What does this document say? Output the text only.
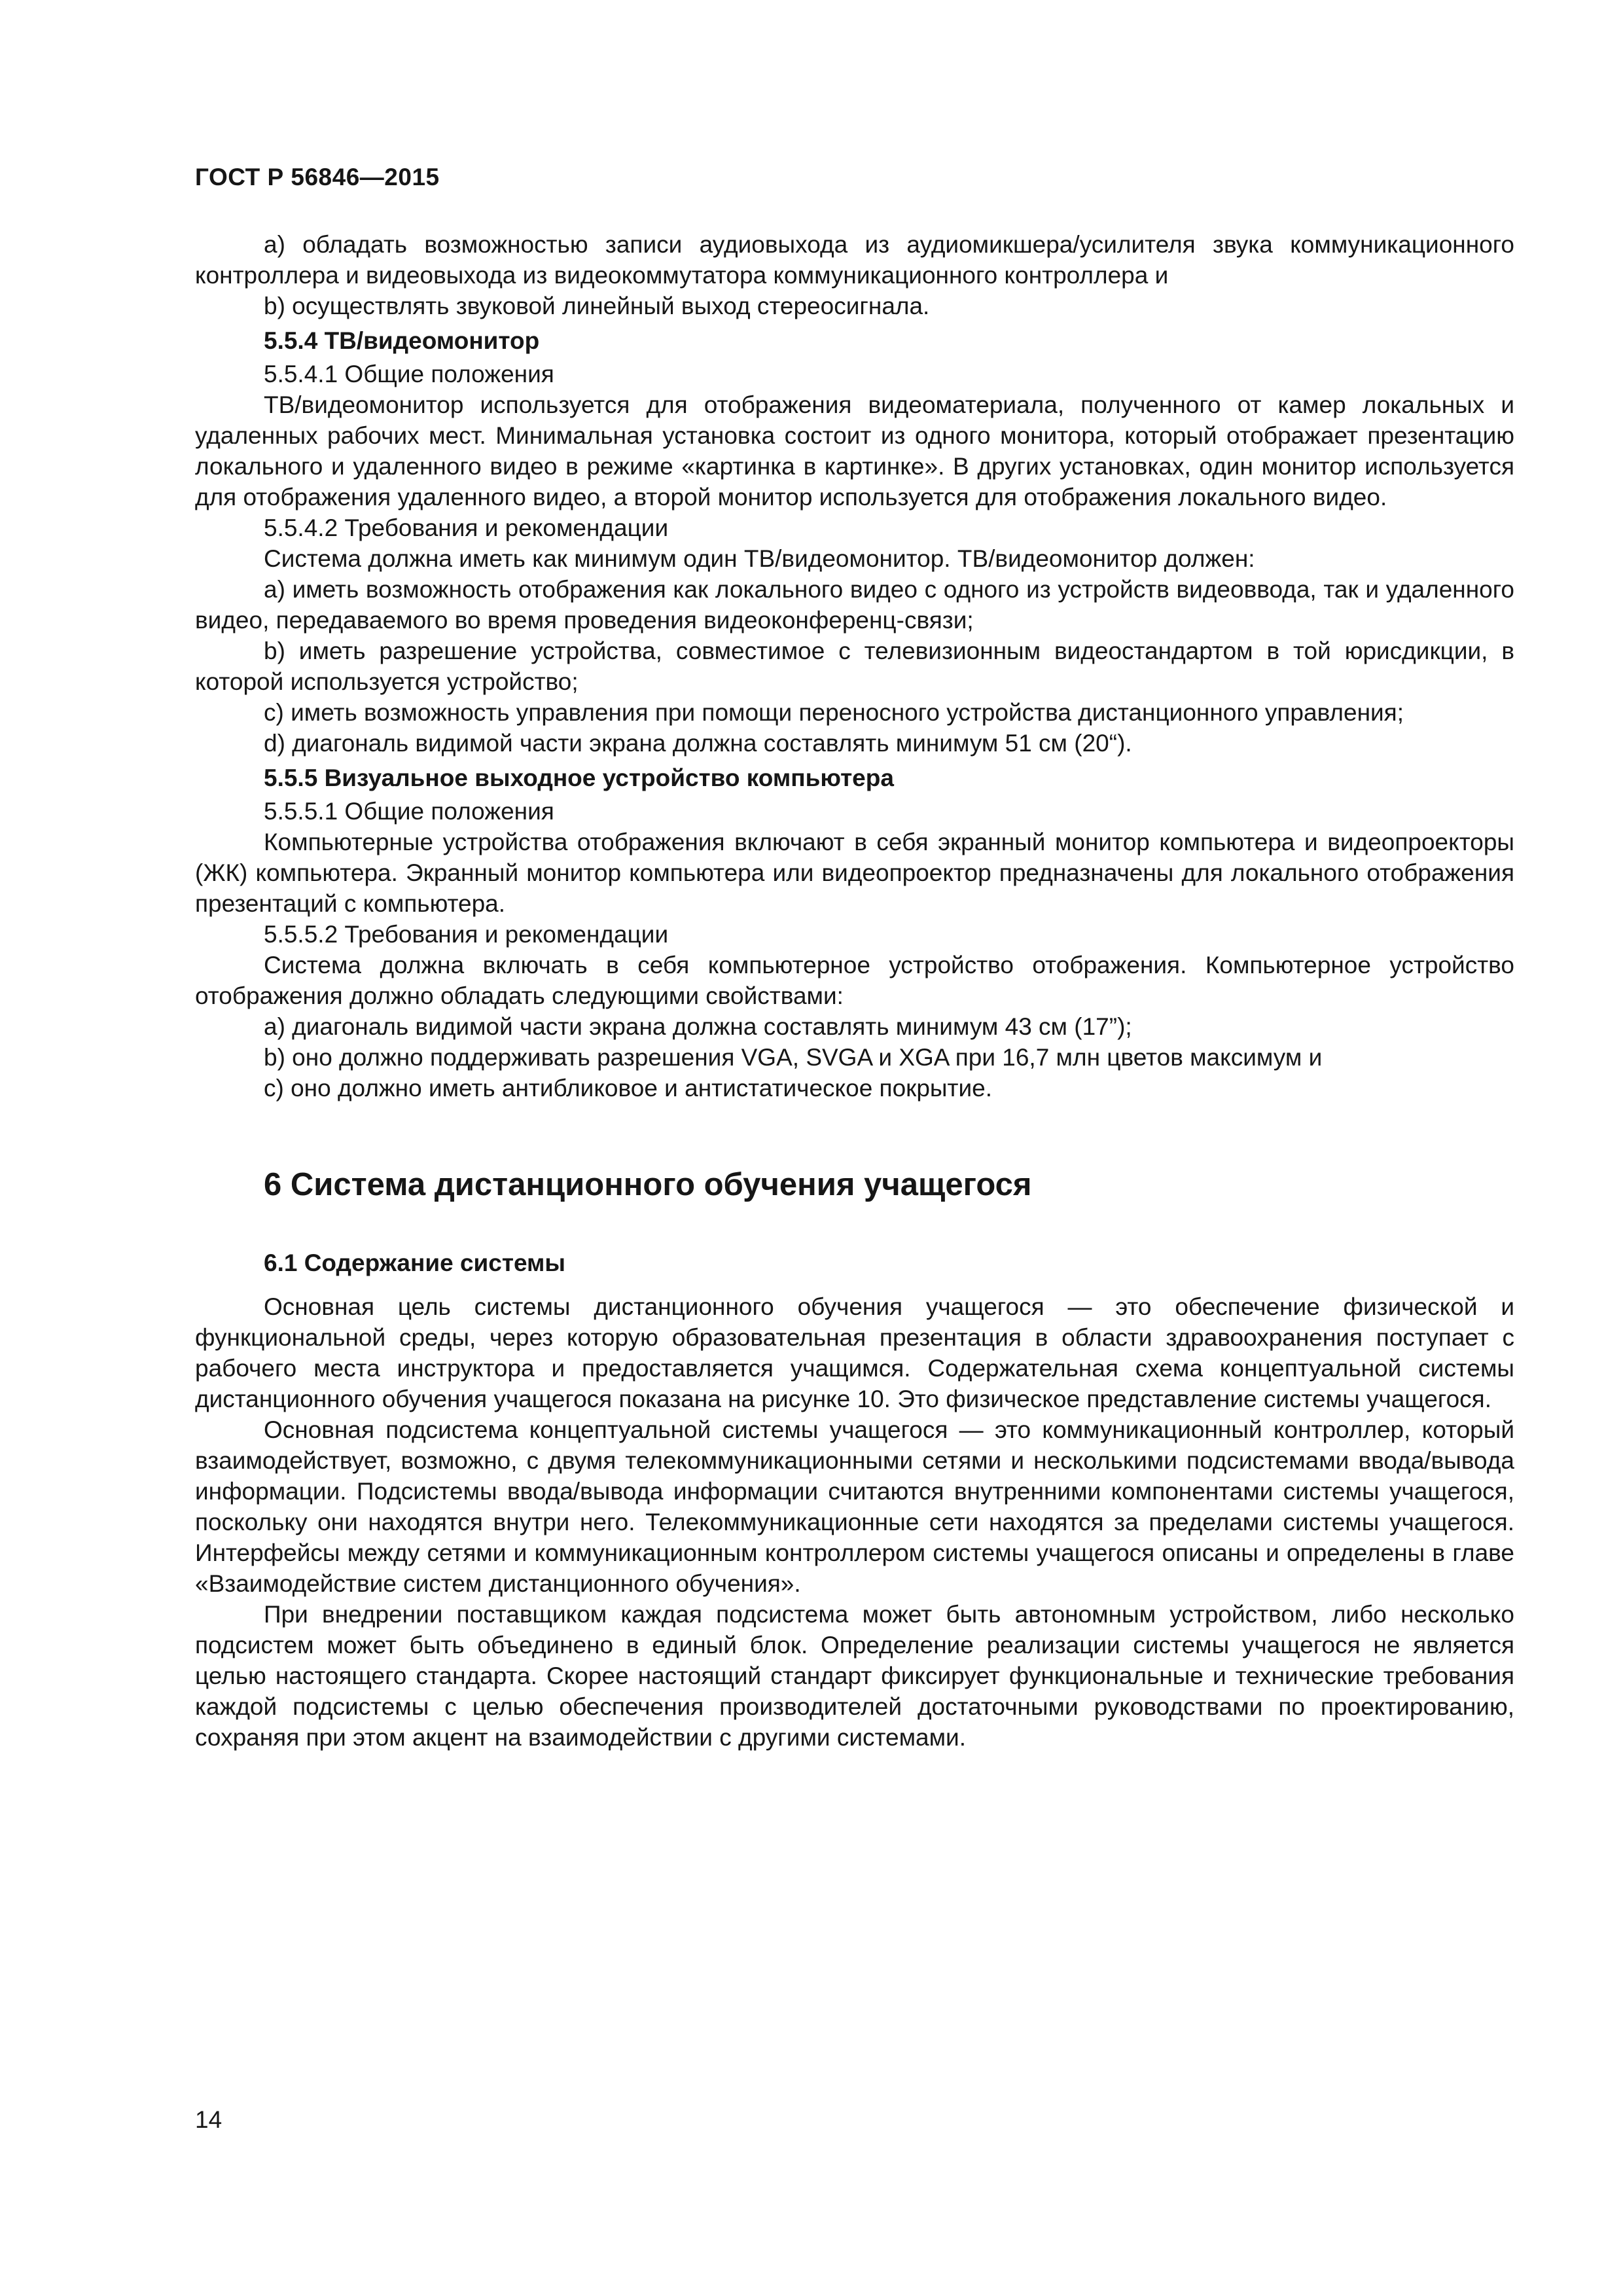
ГОСТ Р 56846—2015

а) обладать возможностью записи аудиовыхода из аудиомикшера/усилителя звука коммуникационного контроллера и видеовыхода из видеокоммутатора коммуникационного контроллера и

b) осуществлять звуковой линейный выход стереосигнала.

5.5.4 ТВ/видеомонитор
5.5.4.1 Общие положения

ТВ/видеомонитор используется для отображения видеоматериала, полученного от камер локальных и удаленных рабочих мест. Минимальная установка состоит из одного монитора, который отображает презентацию локального и удаленного видео в режиме «картинка в картинке». В других установках, один монитор используется для отображения удаленного видео, а второй монитор используется для отображения локального видео.

5.5.4.2 Требования и рекомендации

Система должна иметь как минимум один ТВ/видеомонитор. ТВ/видеомонитор должен:

а) иметь возможность отображения как локального видео с одного из устройств видеоввода, так и удаленного видео, передаваемого во время проведения видеоконференц-связи;

b) иметь разрешение устройства, совместимое с телевизионным видеостандартом в той юрисдикции, в которой используется устройство;

c) иметь возможность управления при помощи переносного устройства дистанционного управления;

d) диагональ видимой части экрана должна составлять минимум 51 см (20“).

5.5.5 Визуальное выходное устройство компьютера
5.5.5.1 Общие положения

Компьютерные устройства отображения включают в себя экранный монитор компьютера и видеопроекторы (ЖК) компьютера. Экранный монитор компьютера или видеопроектор предназначены для локального отображения презентаций с компьютера.

5.5.5.2 Требования и рекомендации

Система должна включать в себя компьютерное устройство отображения. Компьютерное устройство отображения должно обладать следующими свойствами:

а) диагональ видимой части экрана должна составлять минимум 43 см (17”);

b) оно должно поддерживать разрешения VGA, SVGA и XGA при 16,7 млн цветов максимум и

c) оно должно иметь антибликовое и антистатическое покрытие.

6 Система дистанционного обучения учащегося
6.1 Содержание системы

Основная цель системы дистанционного обучения учащегося — это обеспечение физической и функциональной среды, через которую образовательная презентация в области здравоохранения поступает с рабочего места инструктора и предоставляется учащимся. Содержательная схема концептуальной системы дистанционного обучения учащегося показана на рисунке 10. Это физическое представление системы учащегося.

Основная подсистема концептуальной системы учащегося — это коммуникационный контроллер, который взаимодействует, возможно, с двумя телекоммуникационными сетями и несколькими подсистемами ввода/вывода информации. Подсистемы ввода/вывода информации считаются внутренними компонентами системы учащегося, поскольку они находятся внутри него. Телекоммуникационные сети находятся за пределами системы учащегося. Интерфейсы между сетями и коммуникационным контроллером системы учащегося описаны и определены в главе «Взаимодействие систем дистанционного обучения».

При внедрении поставщиком каждая подсистема может быть автономным устройством, либо несколько подсистем может быть объединено в единый блок. Определение реализации системы учащегося не является целью настоящего стандарта. Скорее настоящий стандарт фиксирует функциональные и технические требования каждой подсистемы с целью обеспечения производителей достаточными руководствами по проектированию, сохраняя при этом акцент на взаимодействии с другими системами.

14
